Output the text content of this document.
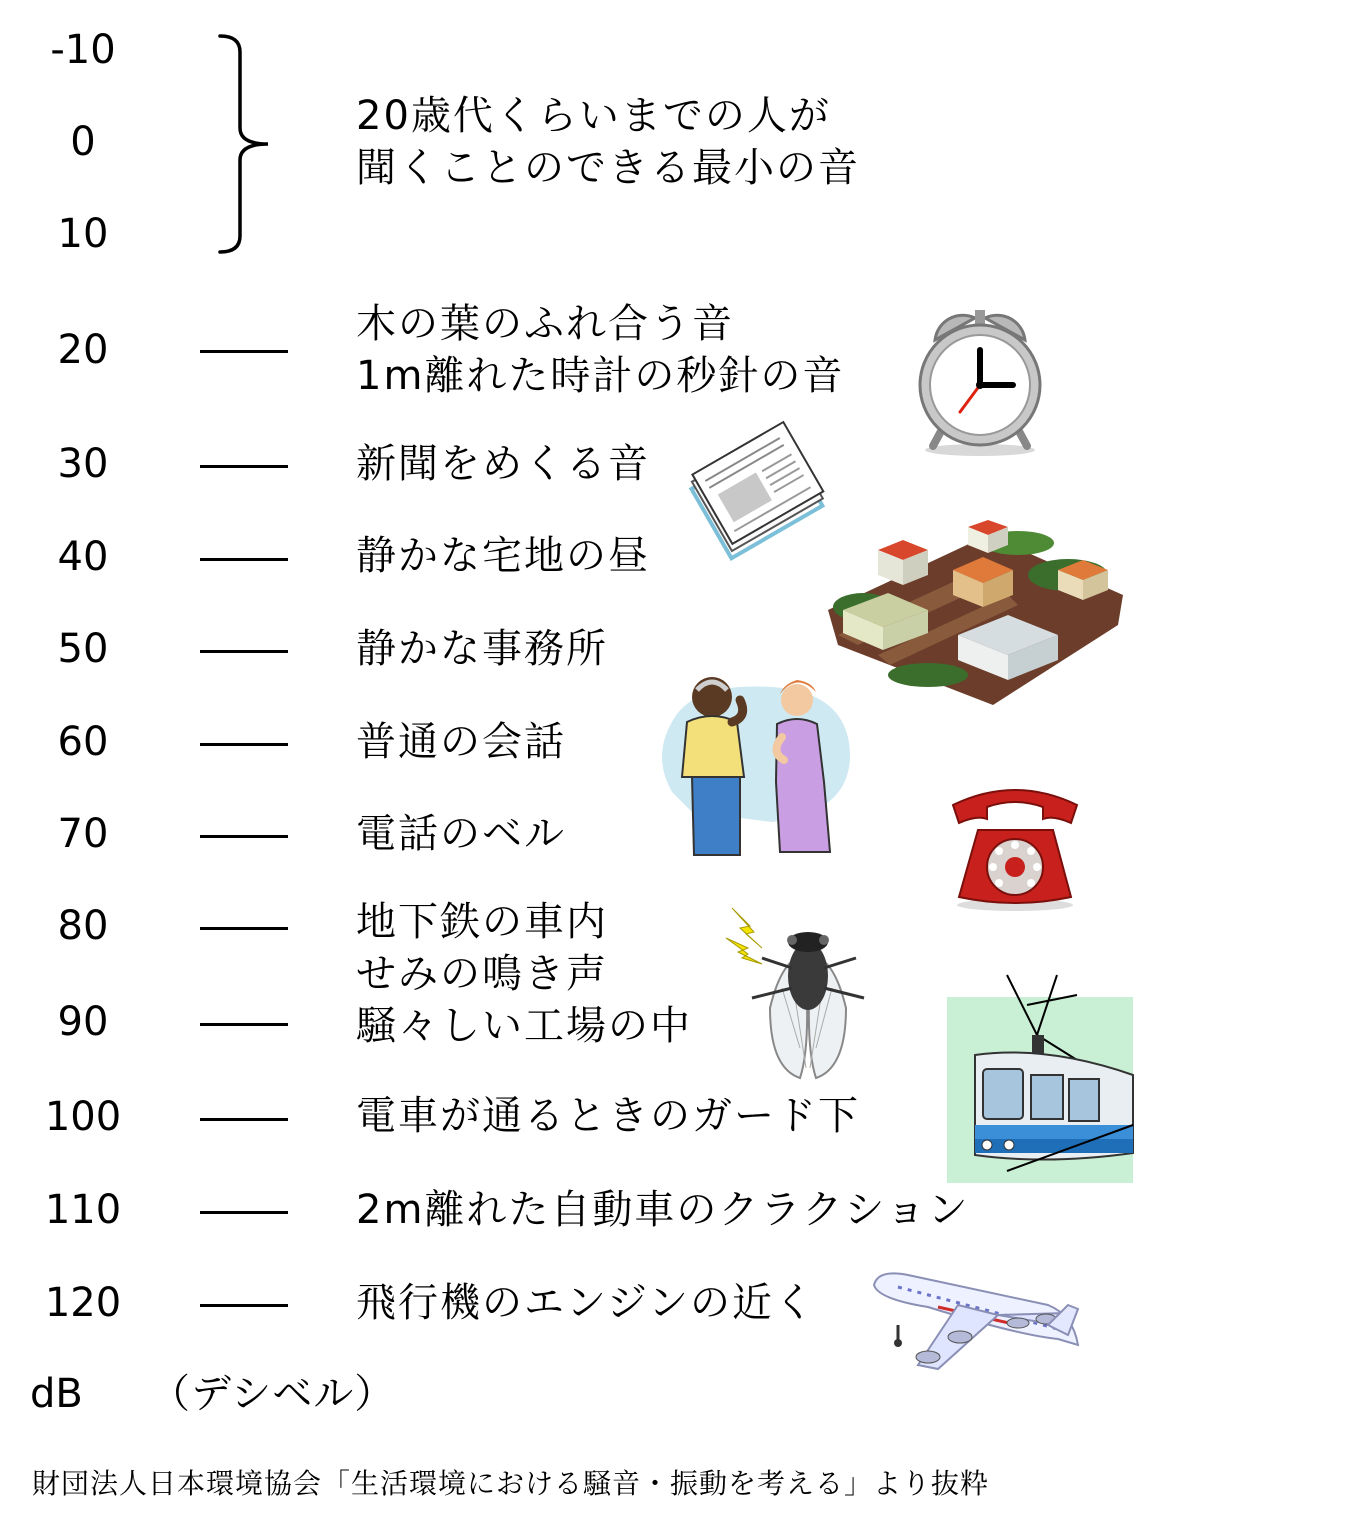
-10
0
10
20
30
40
50
60
70
80
90
100
110
120
20歳代くらいまでの人が
聞くことのできる最小の音
木の葉のふれ合う音
1m離れた時計の秒針の音
新聞をめくる音
静かな宅地の昼
静かな事務所
普通の会話
電話のベル
地下鉄の車内
せみの鳴き声
騒々しい工場の中
電車が通るときのガード下
2m離れた自動車のクラクション
飛行機のエンジンの近く
dB （デシベル）
財団法人日本環境協会「生活環境における騒音・振動を考える」より抜粋
